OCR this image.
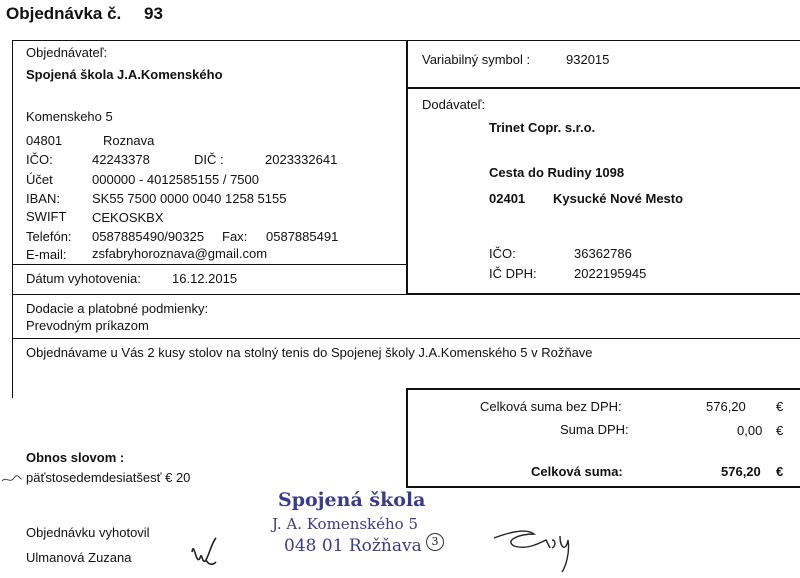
Objednávka č. 93
Objednávateľ:
Spojená škola J.A.Komenského
Komenskeho 5
04801	Roznava
IČO:	42243378	DIČ :	2023332641
Účet	000000 - 4012585155 / 7500
IBAN: SK55 7500 0000 0040 1258 5155
SWIFT CEKOSKBX
Telefón: 0587885490/90325 Fax: 0587885491
E-mail: zsfabryhoroznava@gmail.com
Dátum vyhotovenia: 16.12.2015
Variabilný symbol :	932015
Dodávateľ:
Trinet Copr. s.r.o.
Cesta do Rudiny 1098
02401 Kysucké Nové Mesto
IČO:	36362786
IČ DPH:	2022195945
Dodacie a platobné podmienky:
Prevodným príkazom
Objednávame u Vás 2 kusy stolov na stolný tenis do Spojenej školy J.A.Komenského 5 v Rožňave
Celková suma bez DPH:	576,20 €
Suma DPH:	0,00 €
Celková suma:	576,20 €
Obnos slovom :
päťstosedemdesiatšesť € 20
Objednávku vyhotovil
Ulmanová Zuzana
Spojená škola
J. A. Komenského 5
048 01 Rožňava 3
